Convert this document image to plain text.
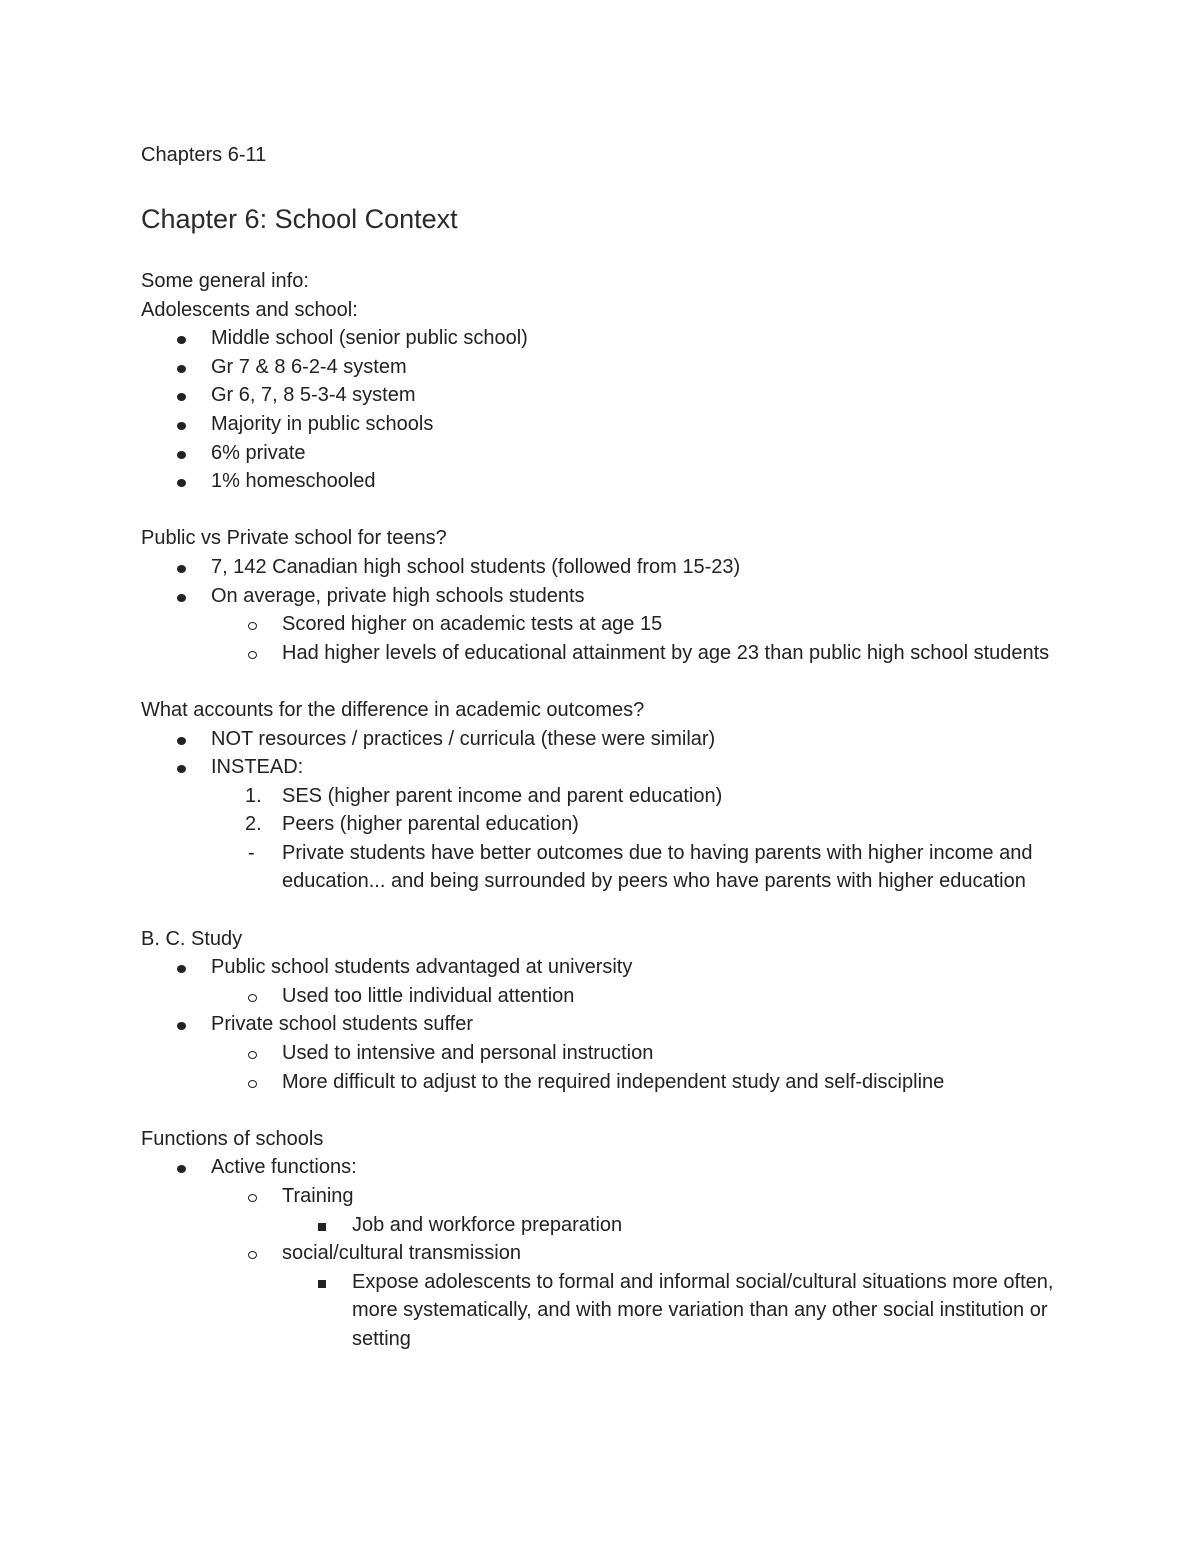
Chapters 6-11
Chapter 6: School Context
Some general info:
Adolescents and school:
Middle school (senior public school)
Gr 7 & 8 6-2-4 system
Gr 6, 7, 8 5-3-4 system
Majority in public schools
6% private
1% homeschooled
Public vs Private school for teens?
7, 142 Canadian high school students (followed from 15-23)
On average, private high schools students
Scored higher on academic tests at age 15
Had higher levels of educational attainment by age 23 than public high school students
What accounts for the difference in academic outcomes?
NOT resources / practices / curricula (these were similar)
INSTEAD:
1. SES (higher parent income and parent education)
2. Peers (higher parental education)
- Private students have better outcomes due to having parents with higher income and education... and being surrounded by peers who have parents with higher education
B. C. Study
Public school students advantaged at university
Used too little individual attention
Private school students suffer
Used to intensive and personal instruction
More difficult to adjust to the required independent study and self-discipline
Functions of schools
Active functions:
Training
Job and workforce preparation
social/cultural transmission
Expose adolescents to formal and informal social/cultural situations more often, more systematically, and with more variation than any other social institution or setting
